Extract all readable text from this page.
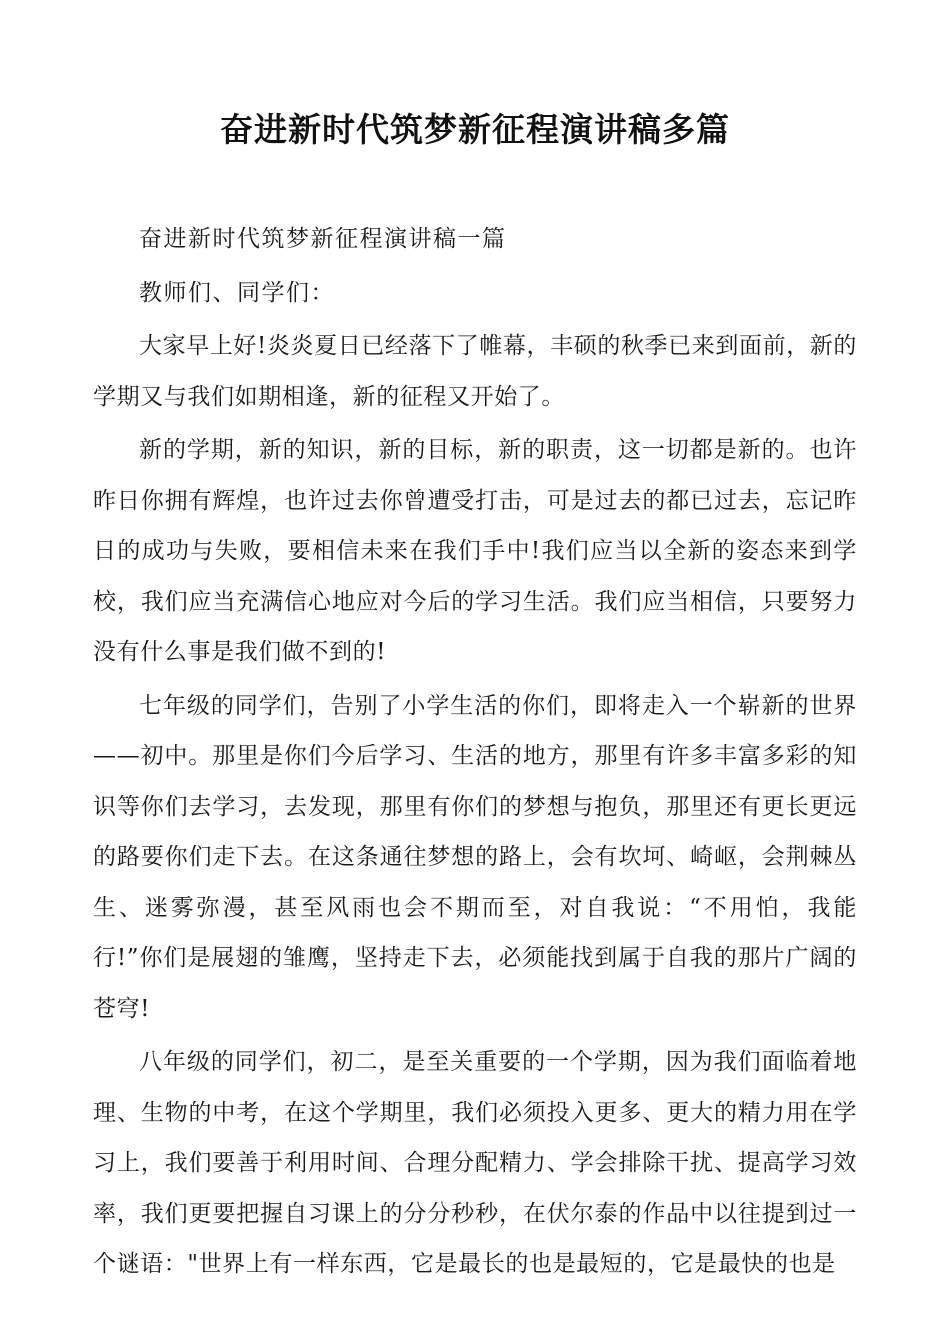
奋进新时代筑梦新征程演讲稿多篇

奋进新时代筑梦新征程演讲稿一篇

教师们、同学们：

大家早上好!炎炎夏日已经落下了帷幕，丰硕的秋季已来到面前，新的学期又与我们如期相逢，新的征程又开始了。

新的学期，新的知识，新的目标，新的职责，这一切都是新的。也许昨日你拥有辉煌，也许过去你曾遭受打击，可是过去的都已过去，忘记昨日的成功与失败，要相信未来在我们手中!我们应当以全新的姿态来到学校，我们应当充满信心地应对今后的学习生活。我们应当相信，只要努力没有什么事是我们做不到的!

七年级的同学们，告别了小学生活的你们，即将走入一个崭新的世界——初中。那里是你们今后学习、生活的地方，那里有许多丰富多彩的知识等你们去学习，去发现，那里有你们的梦想与抱负，那里还有更长更远的路要你们走下去。在这条通往梦想的路上，会有坎坷、崎岖，会荆棘丛生、迷雾弥漫，甚至风雨也会不期而至，对自我说：“不用怕，我能行!”你们是展翅的雏鹰，坚持走下去，必须能找到属于自我的那片广阔的苍穹!

八年级的同学们，初二，是至关重要的一个学期，因为我们面临着地理、生物的中考，在这个学期里，我们必须投入更多、更大的精力用在学习上，我们要善于利用时间、合理分配精力、学会排除干扰、提高学习效率，我们更要把握自习课上的分分秒秒，在伏尔泰的作品中以往提到过一个谜语："世界上有一样东西，它是最长的也是最短的，它是最快的也是
